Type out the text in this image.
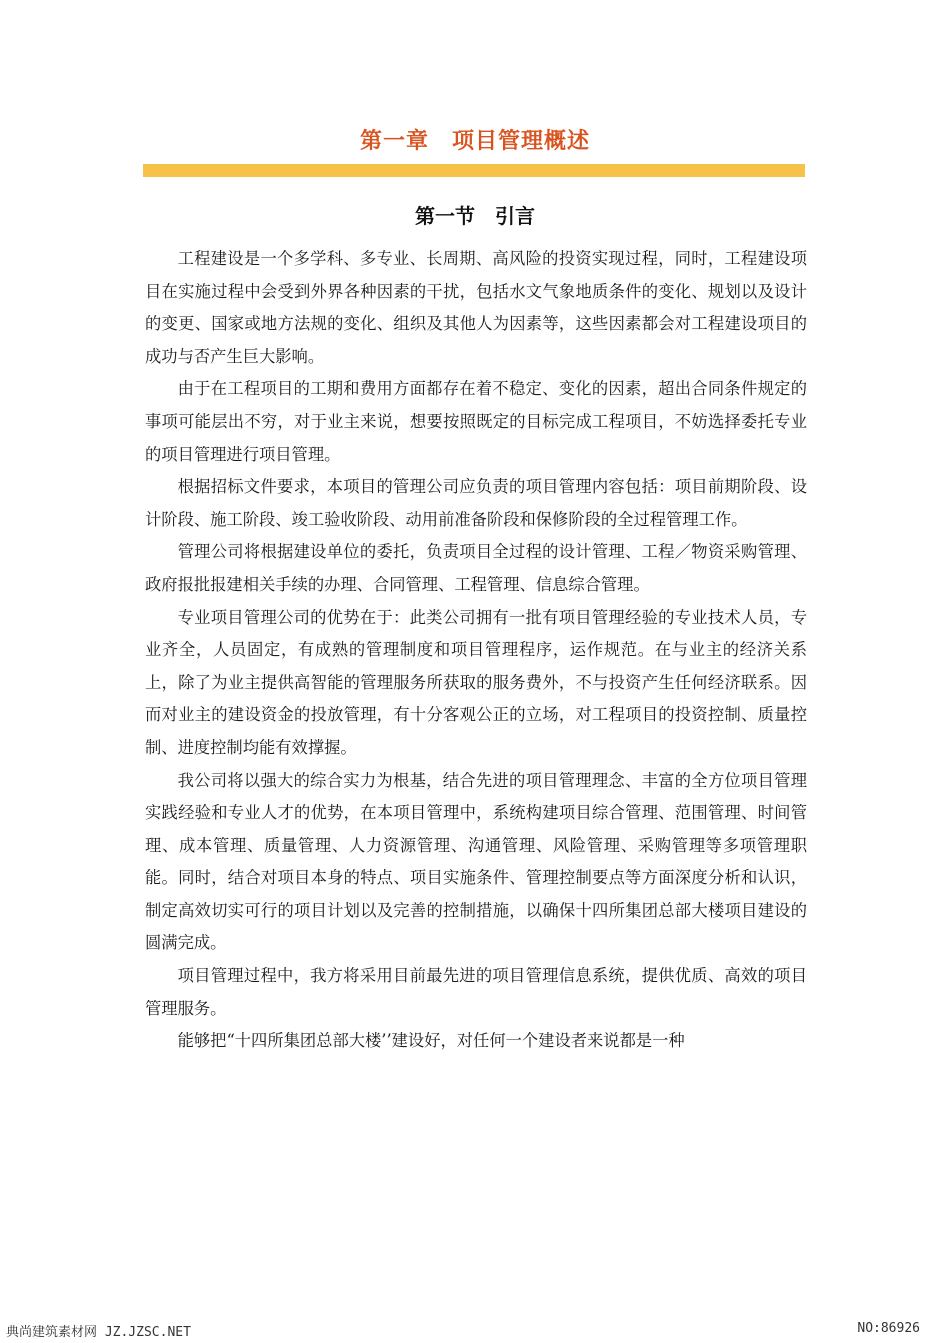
第一章　项目管理概述
第一节　引言

工程建设是一个多学科、多专业、长周期、高风险的投资实现过程，同时，工程建设项目在实施过程中会受到外界各种因素的干扰，包括水文气象地质条件的变化、规划以及设计的变更、国家或地方法规的变化、组织及其他人为因素等，这些因素都会对工程建设项目的成功与否产生巨大影响。

由于在工程项目的工期和费用方面都存在着不稳定、变化的因素，超出合同条件规定的事项可能层出不穷，对于业主来说，想要按照既定的目标完成工程项目，不妨选择委托专业的项目管理进行项目管理。

根据招标文件要求，本项目的管理公司应负责的项目管理内容包括：项目前期阶段、设计阶段、施工阶段、竣工验收阶段、动用前准备阶段和保修阶段的全过程管理工作。

管理公司将根据建设单位的委托，负责项目全过程的设计管理、工程／物资采购管理、政府报批报建相关手续的办理、合同管理、工程管理、信息综合管理。

专业项目管理公司的优势在于：此类公司拥有一批有项目管理经验的专业技术人员，专业齐全，人员固定，有成熟的管理制度和项目管理程序，运作规范。在与业主的经济关系上，除了为业主提供高智能的管理服务所获取的服务费外，不与投资产生任何经济联系。因而对业主的建设资金的投放管理，有十分客观公正的立场，对工程项目的投资控制、质量控制、进度控制均能有效撑握。

我公司将以强大的综合实力为根基，结合先进的项目管理理念、丰富的全方位项目管理实践经验和专业人才的优势，在本项目管理中，系统构建项目综合管理、范围管理、时间管理、成本管理、质量管理、人力资源管理、沟通管理、风险管理、采购管理等多项管理职能。同时，结合对项目本身的特点、项目实施条件、管理控制要点等方面深度分析和认识，制定高效切实可行的项目计划以及完善的控制措施，以确保十四所集团总部大楼项目建设的圆满完成。

项目管理过程中，我方将采用目前最先进的项目管理信息系统，提供优质、高效的项目管理服务。

能够把“十四所集团总部大楼’’建设好，对任何一个建设者来说都是一种

典尚建筑素材网 JZ.JZSC.NET	NO:86926
